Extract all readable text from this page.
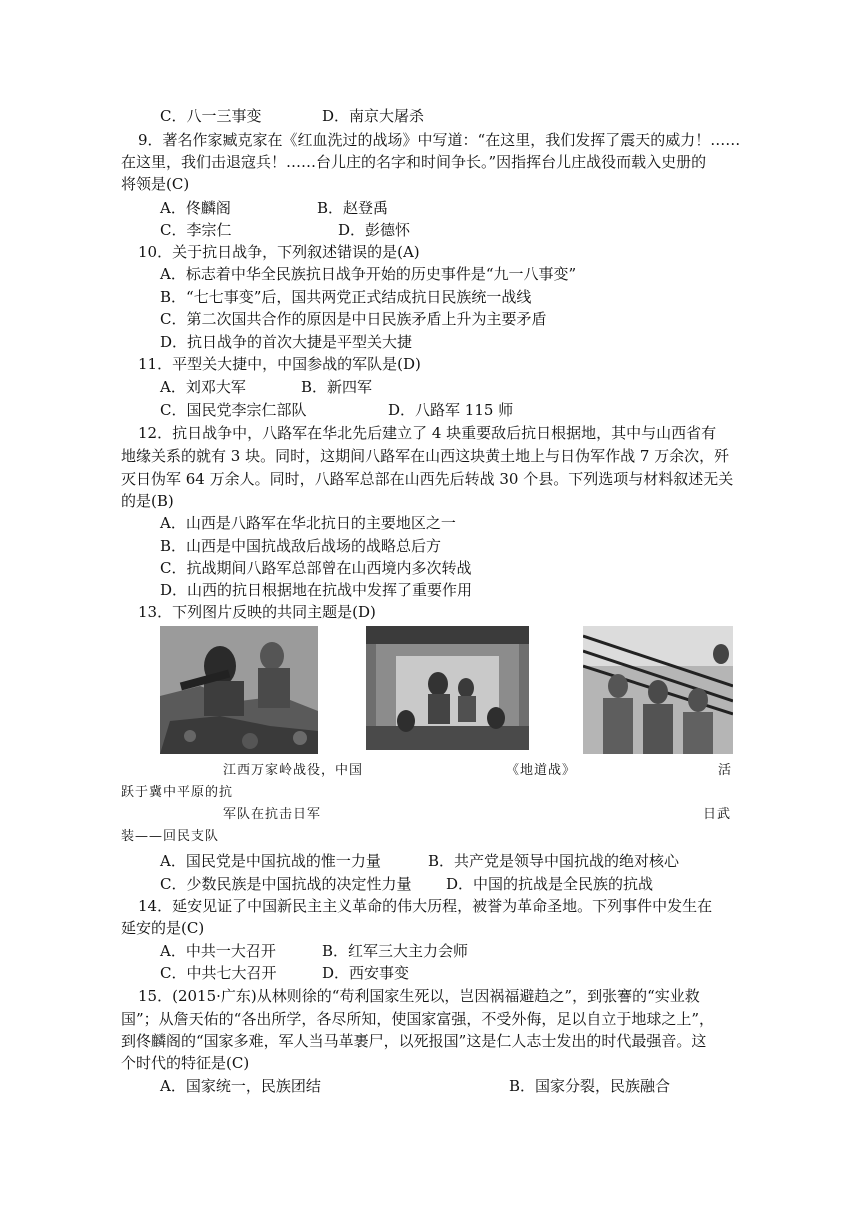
C．八一三事变	D．南京大屠杀
9．著名作家臧克家在《红血洗过的战场》中写道：“在这里，我们发挥了震天的威力！……
在这里，我们击退寇兵！……台儿庄的名字和时间争长。”因指挥台儿庄战役而载入史册的
将领是(C)
A．佟麟阁	B．赵登禹
C．李宗仁	D．彭德怀
10．关于抗日战争，下列叙述错误的是(A)
A．标志着中华全民族抗日战争开始的历史事件是“九一八事变”
B．“七七事变”后，国共两党正式结成抗日民族统一战线
C．第二次国共合作的原因是中日民族矛盾上升为主要矛盾
D．抗日战争的首次大捷是平型关大捷
11．平型关大捷中，中国参战的军队是(D)
A．刘邓大军	B．新四军
C．国民党李宗仁部队	D．八路军 115 师
12．抗日战争中，八路军在华北先后建立了 4 块重要敌后抗日根据地，其中与山西省有
地缘关系的就有 3 块。同时，这期间八路军在山西这块黄土地上与日伪军作战 7 万余次，歼
灭日伪军 64 万余人。同时，八路军总部在山西先后转战 30 个县。下列选项与材料叙述无关
的是(B)
A．山西是八路军在华北抗日的主要地区之一
B．山西是中国抗战敌后战场的战略总后方
C．抗战期间八路军总部曾在山西境内多次转战
D．山西的抗日根据地在抗战中发挥了重要作用
13．下列图片反映的共同主题是(D)
江西万家岭战役，中国	《地道战》	活
跃于冀中平原的抗
军队在抗击日军	日武
装——回民支队
A．国民党是中国抗战的惟一力量	B．共产党是领导中国抗战的绝对核心
C．少数民族是中国抗战的决定性力量 D．中国的抗战是全民族的抗战
14．延安见证了中国新民主主义革命的伟大历程，被誉为革命圣地。下列事件中发生在
延安的是(C)
A．中共一大召开	B．红军三大主力会师
C．中共七大召开	D．西安事变
15．(2015·广东)从林则徐的“苟利国家生死以，岂因祸福避趋之”，到张謇的“实业救
国”；从詹天佑的“各出所学，各尽所知，使国家富强，不受外侮，足以自立于地球之上”，
到佟麟阁的“国家多难，军人当马革裹尸，以死报国”这是仁人志士发出的时代最强音。这
个时代的特征是(C)
A．国家统一，民族团结	B．国家分裂，民族融合
